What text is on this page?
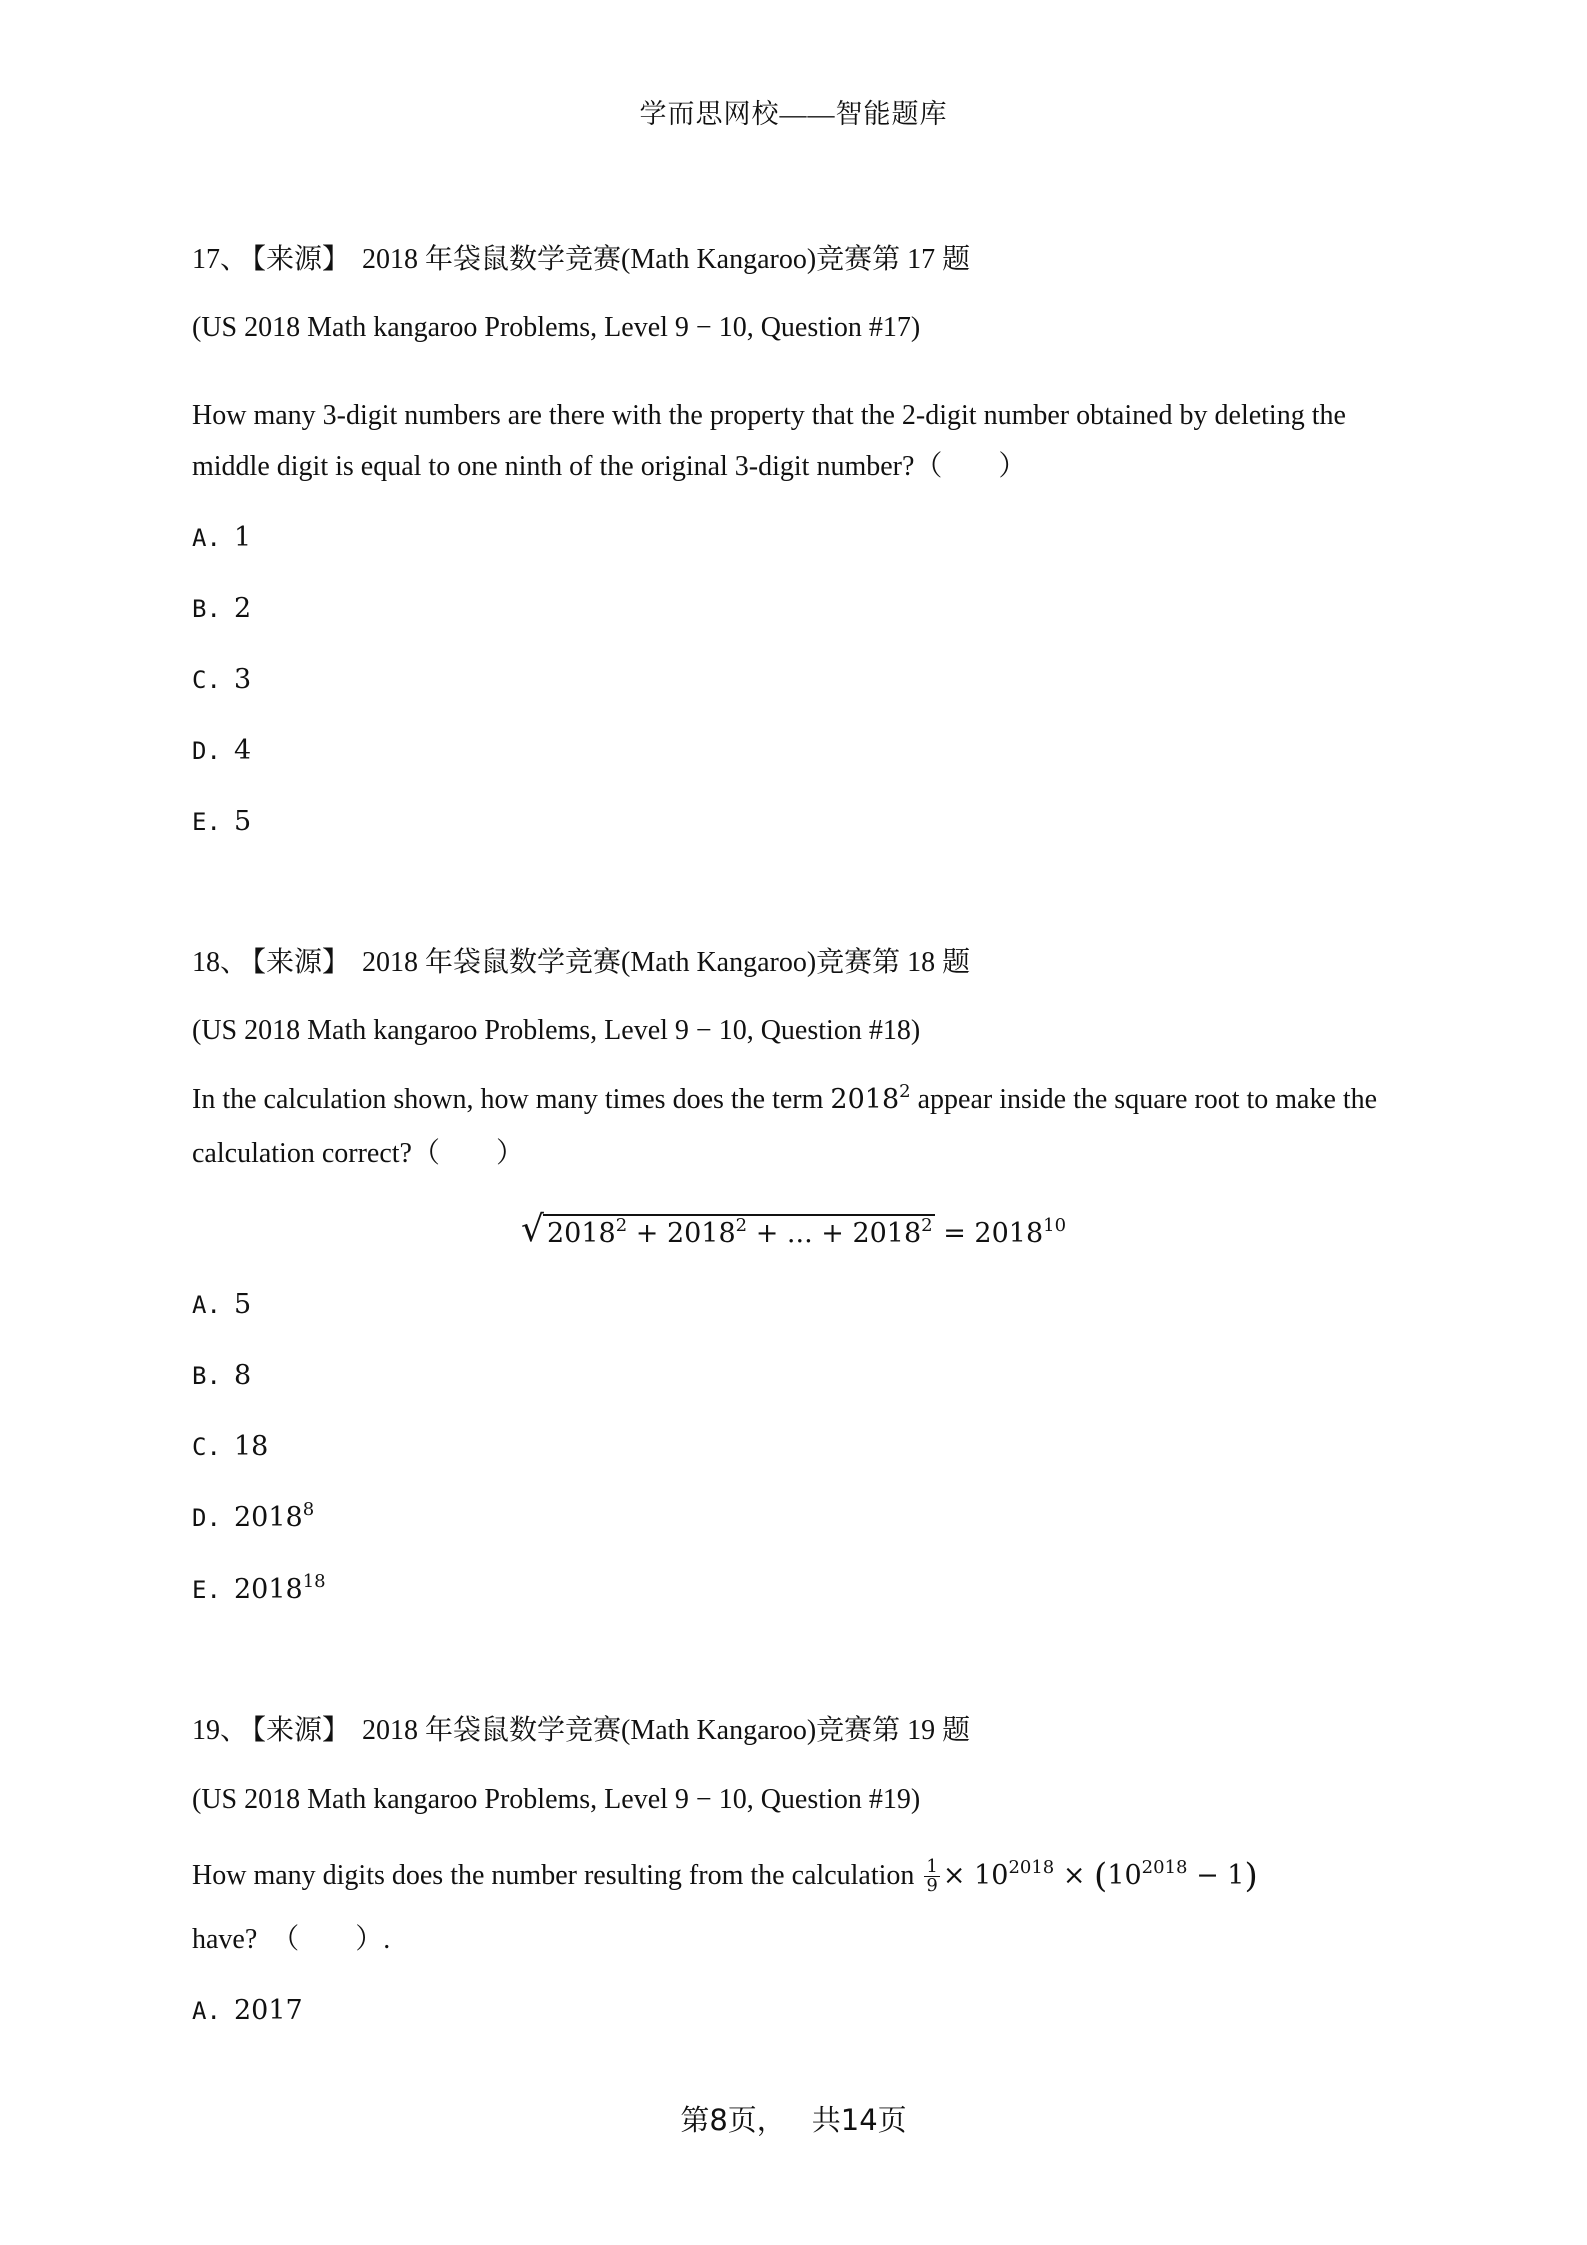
学而思网校——智能题库
17、 【来源】 2018 年袋鼠数学竞赛(Math Kangaroo)竞赛第 17 题
(US 2018 Math kangaroo Problems, Level 9 − 10, Question #17)
How many 3-digit numbers are there with the property that the 2-digit number obtained by deleting the
middle digit is equal to one ninth of the original 3-digit number?（　　）
A. 1
B. 2
C. 3
D. 4
E. 5
18、 【来源】 2018 年袋鼠数学竞赛(Math Kangaroo)竞赛第 18 题
(US 2018 Math kangaroo Problems, Level 9 − 10, Question #18)
In the calculation shown, how many times does the term 2018$^2$ appear inside the square root to make the
calculation correct?（　　）
√ $2018^2 + 2018^2$ + ... + $2018^2 = 2018^{10}$
A. 5
B. 8
C. 18
D. 2018$^8$
E. 2018$^{18}$
19、 【来源】 2018 年袋鼠数学竞赛(Math Kangaroo)竞赛第 19 题
(US 2018 Math kangaroo Problems, Level 9 − 10, Question #19)
How many digits does the number resulting from the calculation $\frac{1}{9} \times 10^{2018} \times (10^{2018} - 1)$
have?　（　　）.
A. 2017
第8页， 共14页
